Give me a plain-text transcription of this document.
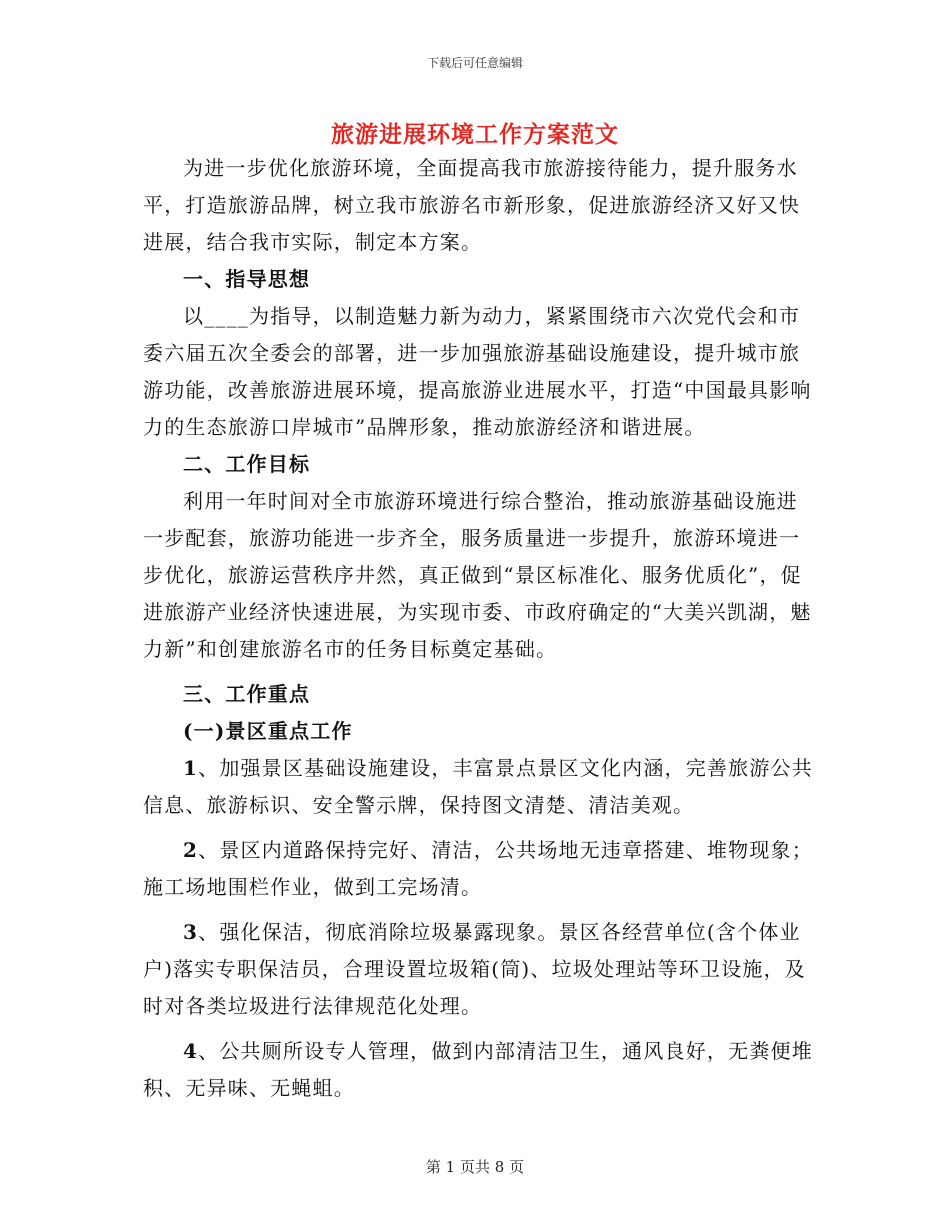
下载后可任意编辑
旅游进展环境工作方案范文

为进一步优化旅游环境，全面提高我市旅游接待能力，提升服务水平，打造旅游品牌，树立我市旅游名市新形象，促进旅游经济又好又快进展，结合我市实际，制定本方案。

一、指导思想

以____为指导，以制造魅力新为动力，紧紧围绕市六次党代会和市委六届五次全委会的部署，进一步加强旅游基础设施建设，提升城市旅游功能，改善旅游进展环境，提高旅游业进展水平，打造“中国最具影响力的生态旅游口岸城市”品牌形象，推动旅游经济和谐进展。

二、工作目标

利用一年时间对全市旅游环境进行综合整治，推动旅游基础设施进一步配套，旅游功能进一步齐全，服务质量进一步提升，旅游环境进一步优化，旅游运营秩序井然，真正做到“景区标准化、服务优质化”，促进旅游产业经济快速进展，为实现市委、市政府确定的“大美兴凯湖，魅力新”和创建旅游名市的任务目标奠定基础。

三、工作重点

(一)景区重点工作

1、加强景区基础设施建设，丰富景点景区文化内涵，完善旅游公共信息、旅游标识、安全警示牌，保持图文清楚、清洁美观。

2、景区内道路保持完好、清洁，公共场地无违章搭建、堆物现象；施工场地围栏作业，做到工完场清。

3、强化保洁，彻底消除垃圾暴露现象。景区各经营单位(含个体业户)落实专职保洁员，合理设置垃圾箱(筒)、垃圾处理站等环卫设施，及时对各类垃圾进行法律规范化处理。

4、公共厕所设专人管理，做到内部清洁卫生，通风良好，无粪便堆积、无异味、无蝇蛆。

第 1 页共 8 页
